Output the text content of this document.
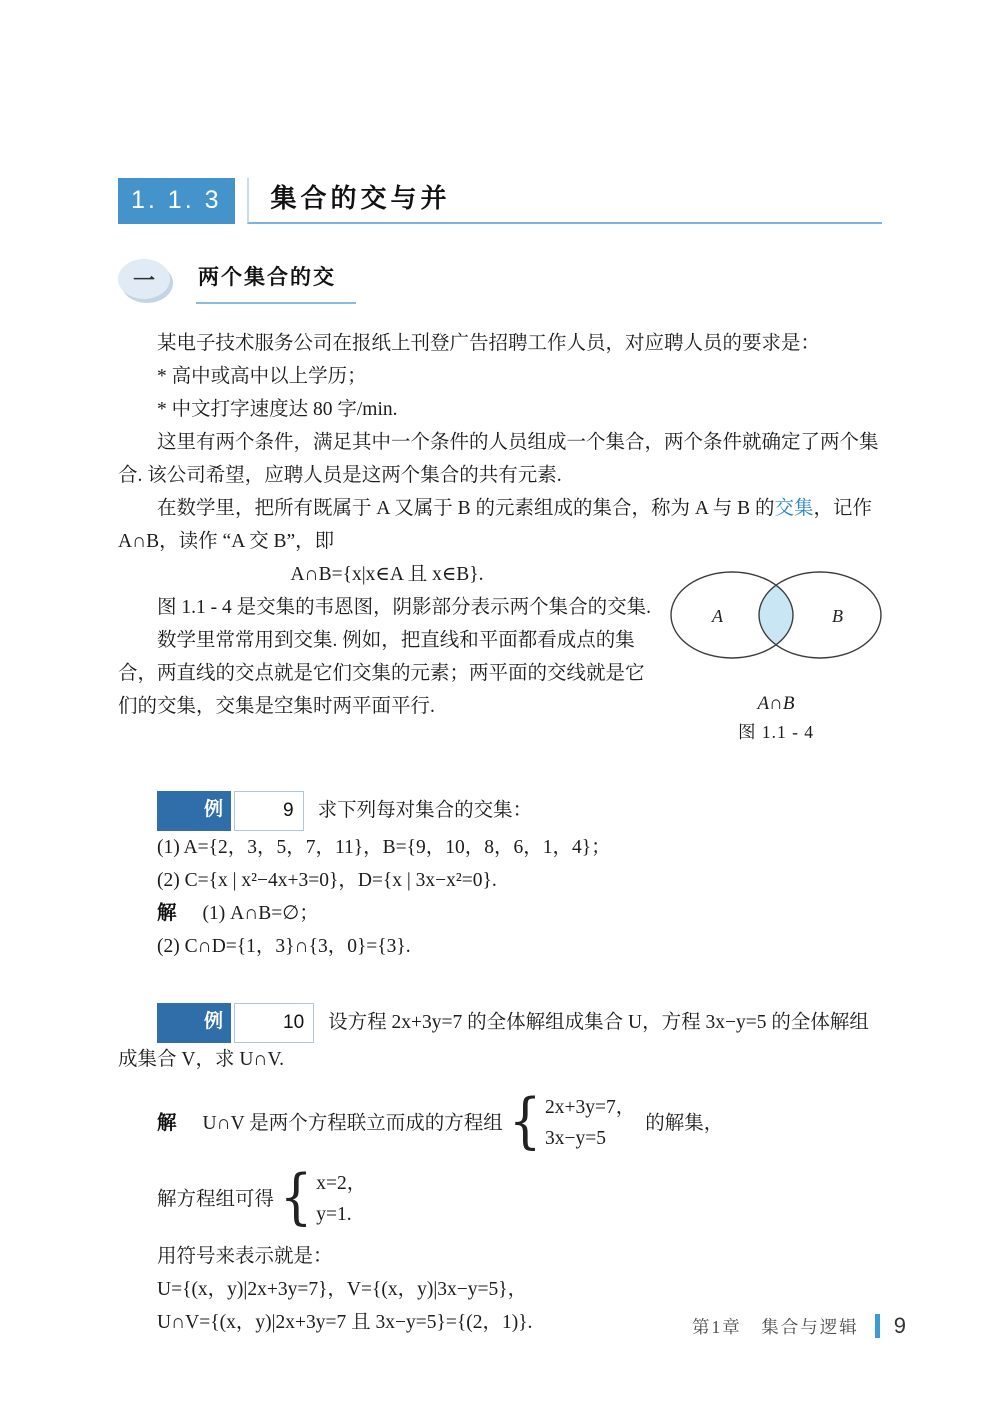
1. 1. 3	集合的交与并
一	两个集合的交

某电子技术服务公司在报纸上刊登广告招聘工作人员，对应聘人员的要求是：

* 高中或高中以上学历；

* 中文打字速度达 80 字/min.

这里有两个条件，满足其中一个条件的人员组成一个集合，两个条件就确定了两个集合. 该公司希望，应聘人员是这两个集合的共有元素.

在数学里，把所有既属于 A 又属于 B 的元素组成的集合，称为 A 与 B 的交集，记作 A∩B，读作 “A 交 B”，即

A	B
A∩B
图 1.1 - 4

A∩B={x|x∈A 且 x∈B}.

图 1.1 - 4 是交集的韦恩图，阴影部分表示两个集合的交集.

数学里常常用到交集. 例如，把直线和平面都看成点的集合，两直线的交点就是它们交集的元素；两平面的交线就是它们的交集，交集是空集时两平面平行.

例	9	求下列每对集合的交集：

(1) A={2，3，5，7，11}，B={9，10，8，6，1，4}；

(2) C={x | x²−4x+3=0}，D={x | 3x−x²=0}.

解 (1) A∩B=∅；

(2) C∩D={1，3}∩{3，0}={3}.

例	10	设方程 2x+3y=7 的全体解组成集合 U，方程 3x−y=5 的全体解组成集合 V，求 U∩V.

解 U∩V 是两个方程联立而成的方程组 { 2x+3y=7，
3x−y=5
的解集，
解方程组可得 { x=2，
y=1.

用符号来表示就是：

U={(x，y)|2x+3y=7}，V={(x，y)|3x−y=5}，

U∩V={(x，y)|2x+3y=7 且 3x−y=5}={(2，1)}.	第1章　集合与逻辑 9
